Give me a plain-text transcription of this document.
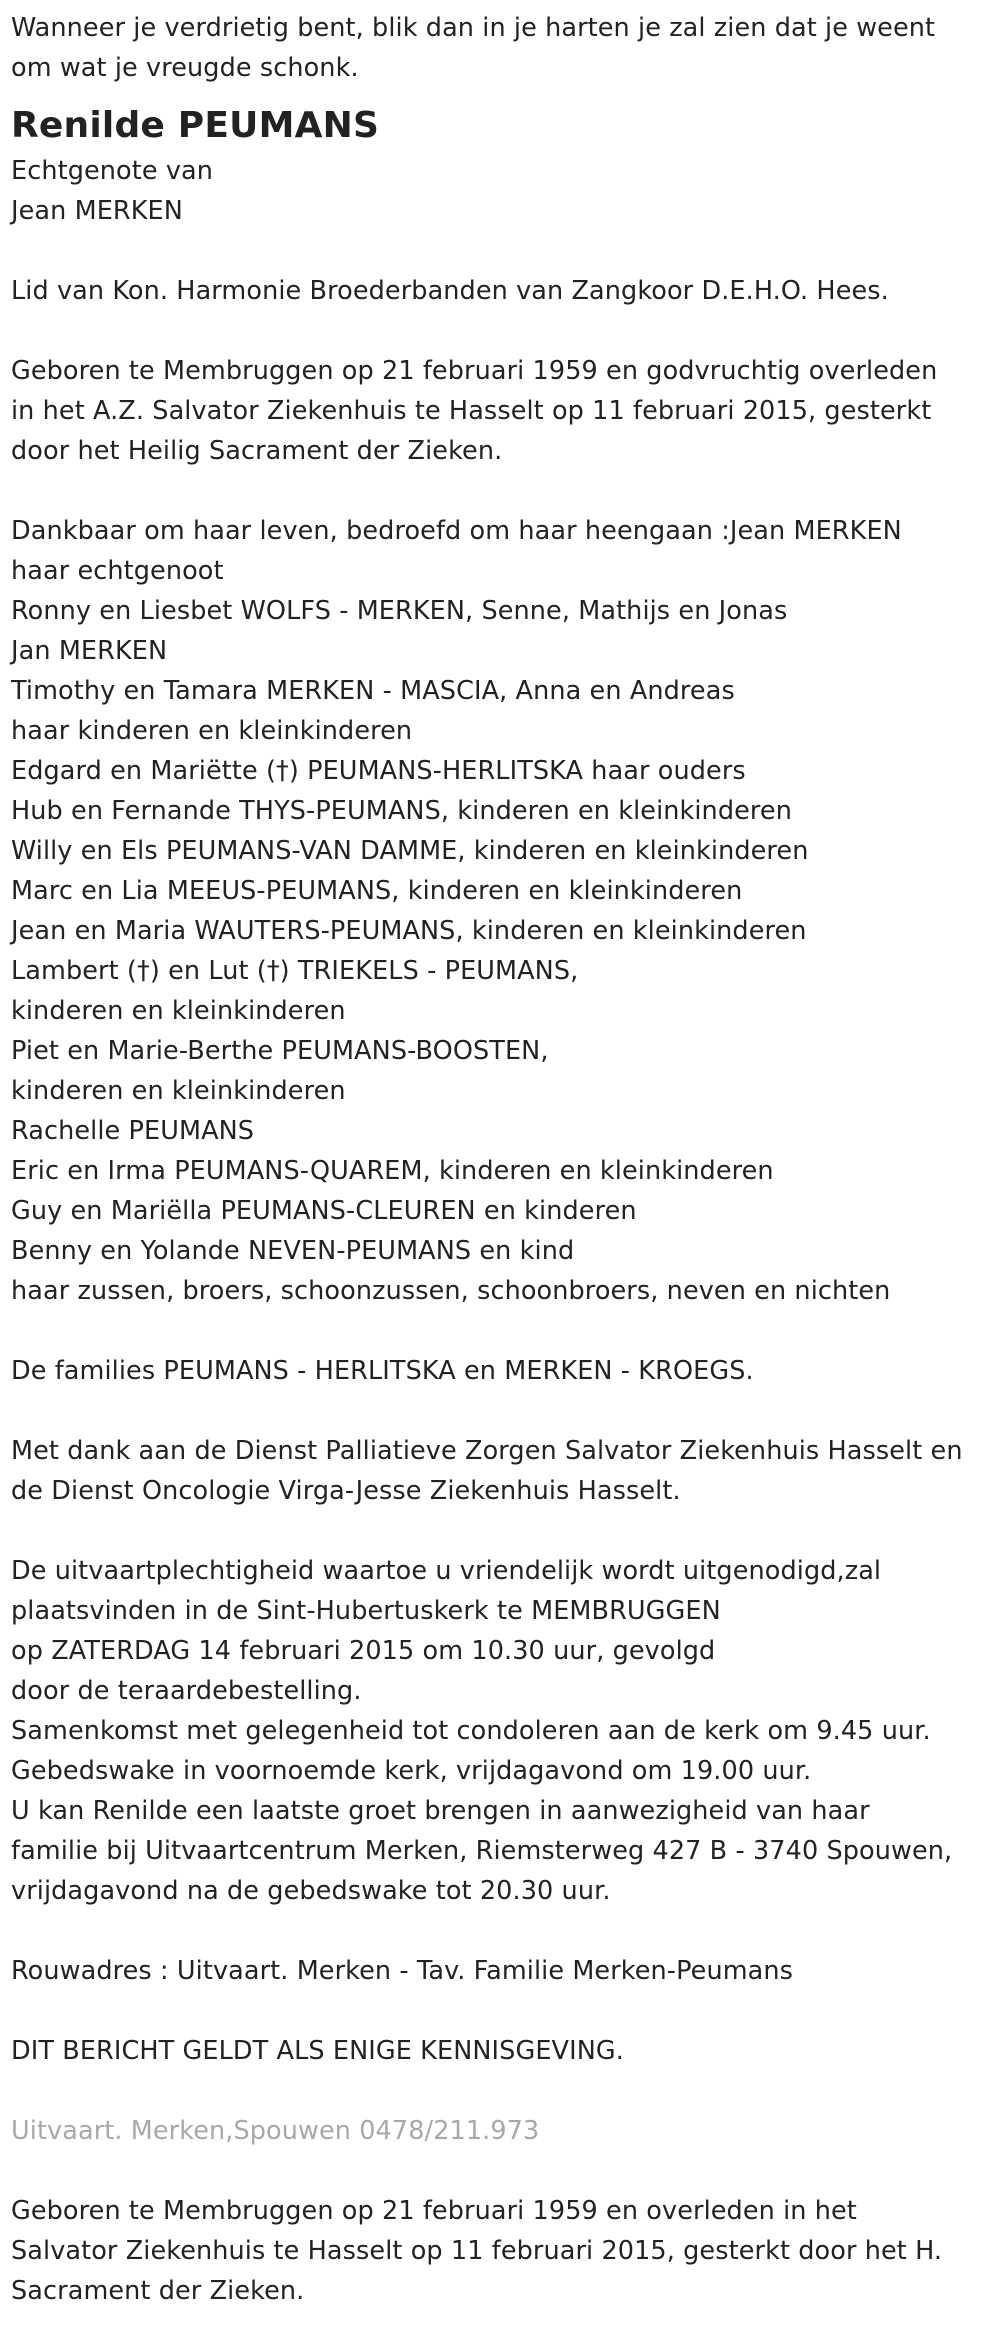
Wanneer je verdrietig bent, blik dan in je harten je zal zien dat je weent
om wat je vreugde schonk.
Renilde PEUMANS
Echtgenote van
Jean MERKEN
Lid van Kon. Harmonie Broederbanden van Zangkoor D.E.H.O. Hees.
Geboren te Membruggen op 21 februari 1959 en godvruchtig overleden
in het A.Z. Salvator Ziekenhuis te Hasselt op 11 februari 2015, gesterkt
door het Heilig Sacrament der Zieken.
Dankbaar om haar leven, bedroefd om haar heengaan :Jean MERKEN
haar echtgenoot
Ronny en Liesbet WOLFS - MERKEN, Senne, Mathijs en Jonas
Jan MERKEN
Timothy en Tamara MERKEN - MASCIA, Anna en Andreas
haar kinderen en kleinkinderen
Edgard en Mariëtte (†) PEUMANS-HERLITSKA haar ouders
Hub en Fernande THYS-PEUMANS, kinderen en kleinkinderen
Willy en Els PEUMANS-VAN DAMME, kinderen en kleinkinderen
Marc en Lia MEEUS-PEUMANS, kinderen en kleinkinderen
Jean en Maria WAUTERS-PEUMANS, kinderen en kleinkinderen
Lambert (†) en Lut (†) TRIEKELS - PEUMANS,
kinderen en kleinkinderen
Piet en Marie-Berthe PEUMANS-BOOSTEN,
kinderen en kleinkinderen
Rachelle PEUMANS
Eric en Irma PEUMANS-QUAREM, kinderen en kleinkinderen
Guy en Mariëlla PEUMANS-CLEUREN en kinderen
Benny en Yolande NEVEN-PEUMANS en kind
haar zussen, broers, schoonzussen, schoonbroers, neven en nichten
De families PEUMANS - HERLITSKA en MERKEN - KROEGS.
Met dank aan de Dienst Palliatieve Zorgen Salvator Ziekenhuis Hasselt en
de Dienst Oncologie Virga-Jesse Ziekenhuis Hasselt.
De uitvaartplechtigheid waartoe u vriendelijk wordt uitgenodigd,zal
plaatsvinden in de Sint-Hubertuskerk te MEMBRUGGEN
op ZATERDAG 14 februari 2015 om 10.30 uur, gevolgd
door de teraardebestelling.
Samenkomst met gelegenheid tot condoleren aan de kerk om 9.45 uur.
Gebedswake in voornoemde kerk, vrijdagavond om 19.00 uur.
U kan Renilde een laatste groet brengen in aanwezigheid van haar
familie bij Uitvaartcentrum Merken, Riemsterweg 427 B - 3740 Spouwen,
vrijdagavond na de gebedswake tot 20.30 uur.
Rouwadres : Uitvaart. Merken - Tav. Familie Merken-Peumans
DIT BERICHT GELDT ALS ENIGE KENNISGEVING.
Uitvaart. Merken,Spouwen 0478/211.973
Geboren te Membruggen op 21 februari 1959 en overleden in het
Salvator Ziekenhuis te Hasselt op 11 februari 2015, gesterkt door het H.
Sacrament der Zieken.
